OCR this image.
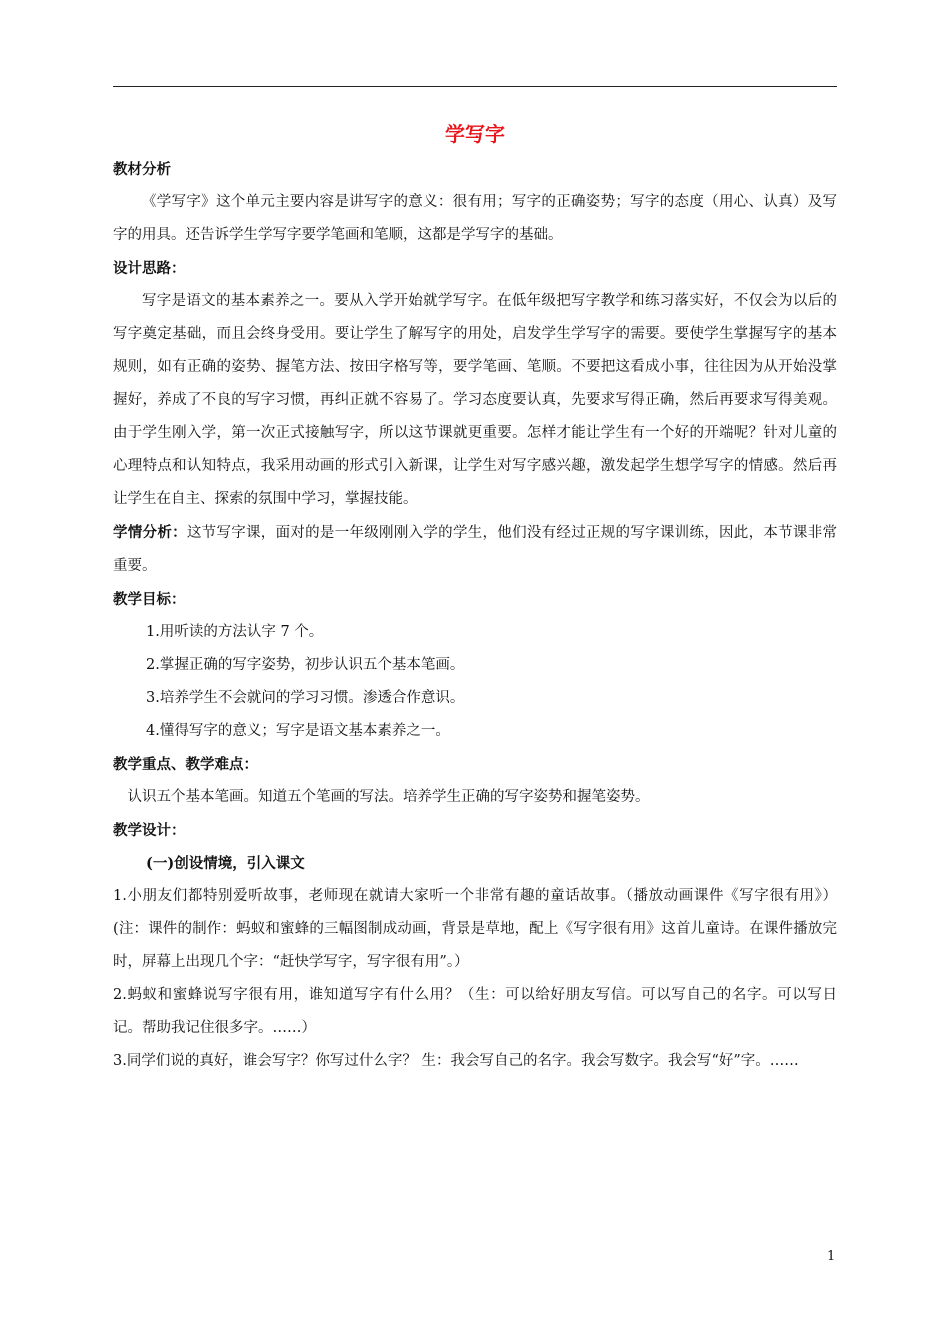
学写字
教材分析

《学写字》这个单元主要内容是讲写字的意义：很有用；写字的正确姿势；写字的态度（用心、认真）及写字的用具。还告诉学生学写字要学笔画和笔顺，这都是学写字的基础。

设计思路：

写字是语文的基本素养之一。要从入学开始就学写字。在低年级把写字教学和练习落实好，不仅会为以后的写字奠定基础，而且会终身受用。要让学生了解写字的用处，启发学生学写字的需要。要使学生掌握写字的基本规则，如有正确的姿势、握笔方法、按田字格写等，要学笔画、笔顺。不要把这看成小事，往往因为从开始没掌握好，养成了不良的写字习惯，再纠正就不容易了。学习态度要认真，先要求写得正确，然后再要求写得美观。由于学生刚入学，第一次正式接触写字，所以这节课就更重要。怎样才能让学生有一个好的开端呢？针对儿童的心理特点和认知特点，我采用动画的形式引入新课，让学生对写字感兴趣，激发起学生想学写字的情感。然后再让学生在自主、探索的氛围中学习，掌握技能。

学情分析：这节写字课，面对的是一年级刚刚入学的学生，他们没有经过正规的写字课训练，因此，本节课非常重要。

教学目标：
1.用听读的方法认字 7 个。
2.掌握正确的写字姿势，初步认识五个基本笔画。
3.培养学生不会就问的学习习惯。渗透合作意识。
4.懂得写字的意义；写字是语文基本素养之一。
教学重点、教学难点：

认识五个基本笔画。知道五个笔画的写法。培养学生正确的写字姿势和握笔姿势。

教学设计：
(一)创设情境，引入课文

1.小朋友们都特别爱听故事，老师现在就请大家听一个非常有趣的童话故事。（播放动画课件《写字很有用》）(注：课件的制作：蚂蚁和蜜蜂的三幅图制成动画，背景是草地，配上《写字很有用》这首儿童诗。在课件播放完时，屏幕上出现几个字：“赶快学写字，写字很有用”。）

2.蚂蚁和蜜蜂说写字很有用，谁知道写字有什么用？（生：可以给好朋友写信。可以写自己的名字。可以写日记。帮助我记住很多字。……）

3.同学们说的真好，谁会写字？你写过什么字？ 生：我会写自己的名字。我会写数字。我会写“好”字。……

1
